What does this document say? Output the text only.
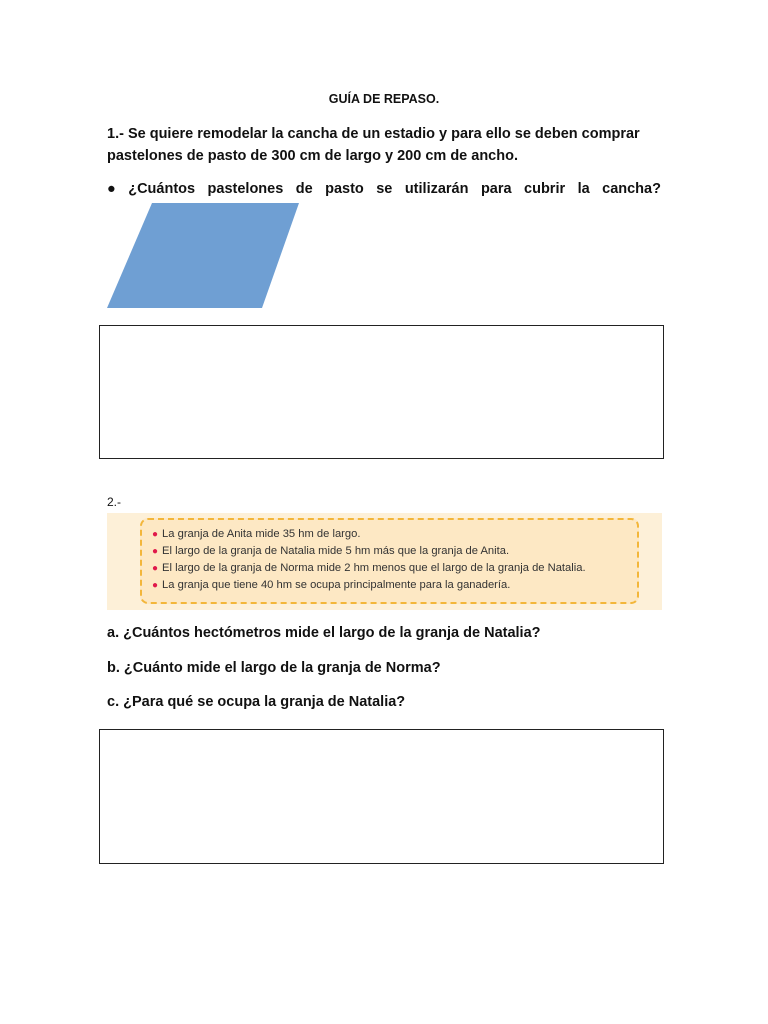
GUÍA DE REPASO.
1.- Se quiere remodelar la cancha de un estadio y para ello se deben comprar pastelones de pasto de 300 cm de largo y 200 cm de ancho.
● ¿Cuántos pastelones de pasto se utilizarán para cubrir la cancha?
2.-
● La granja de Anita mide 35 hm de largo.
● El largo de la granja de Natalia mide 5 hm más que la granja de Anita.
● El largo de la granja de Norma mide 2 hm menos que el largo de la granja de Natalia.
● La granja que tiene 40 hm se ocupa principalmente para la ganadería.
a. ¿Cuántos hectómetros mide el largo de la granja de Natalia?
b. ¿Cuánto mide el largo de la granja de Norma?
c. ¿Para qué se ocupa la granja de Natalia?
